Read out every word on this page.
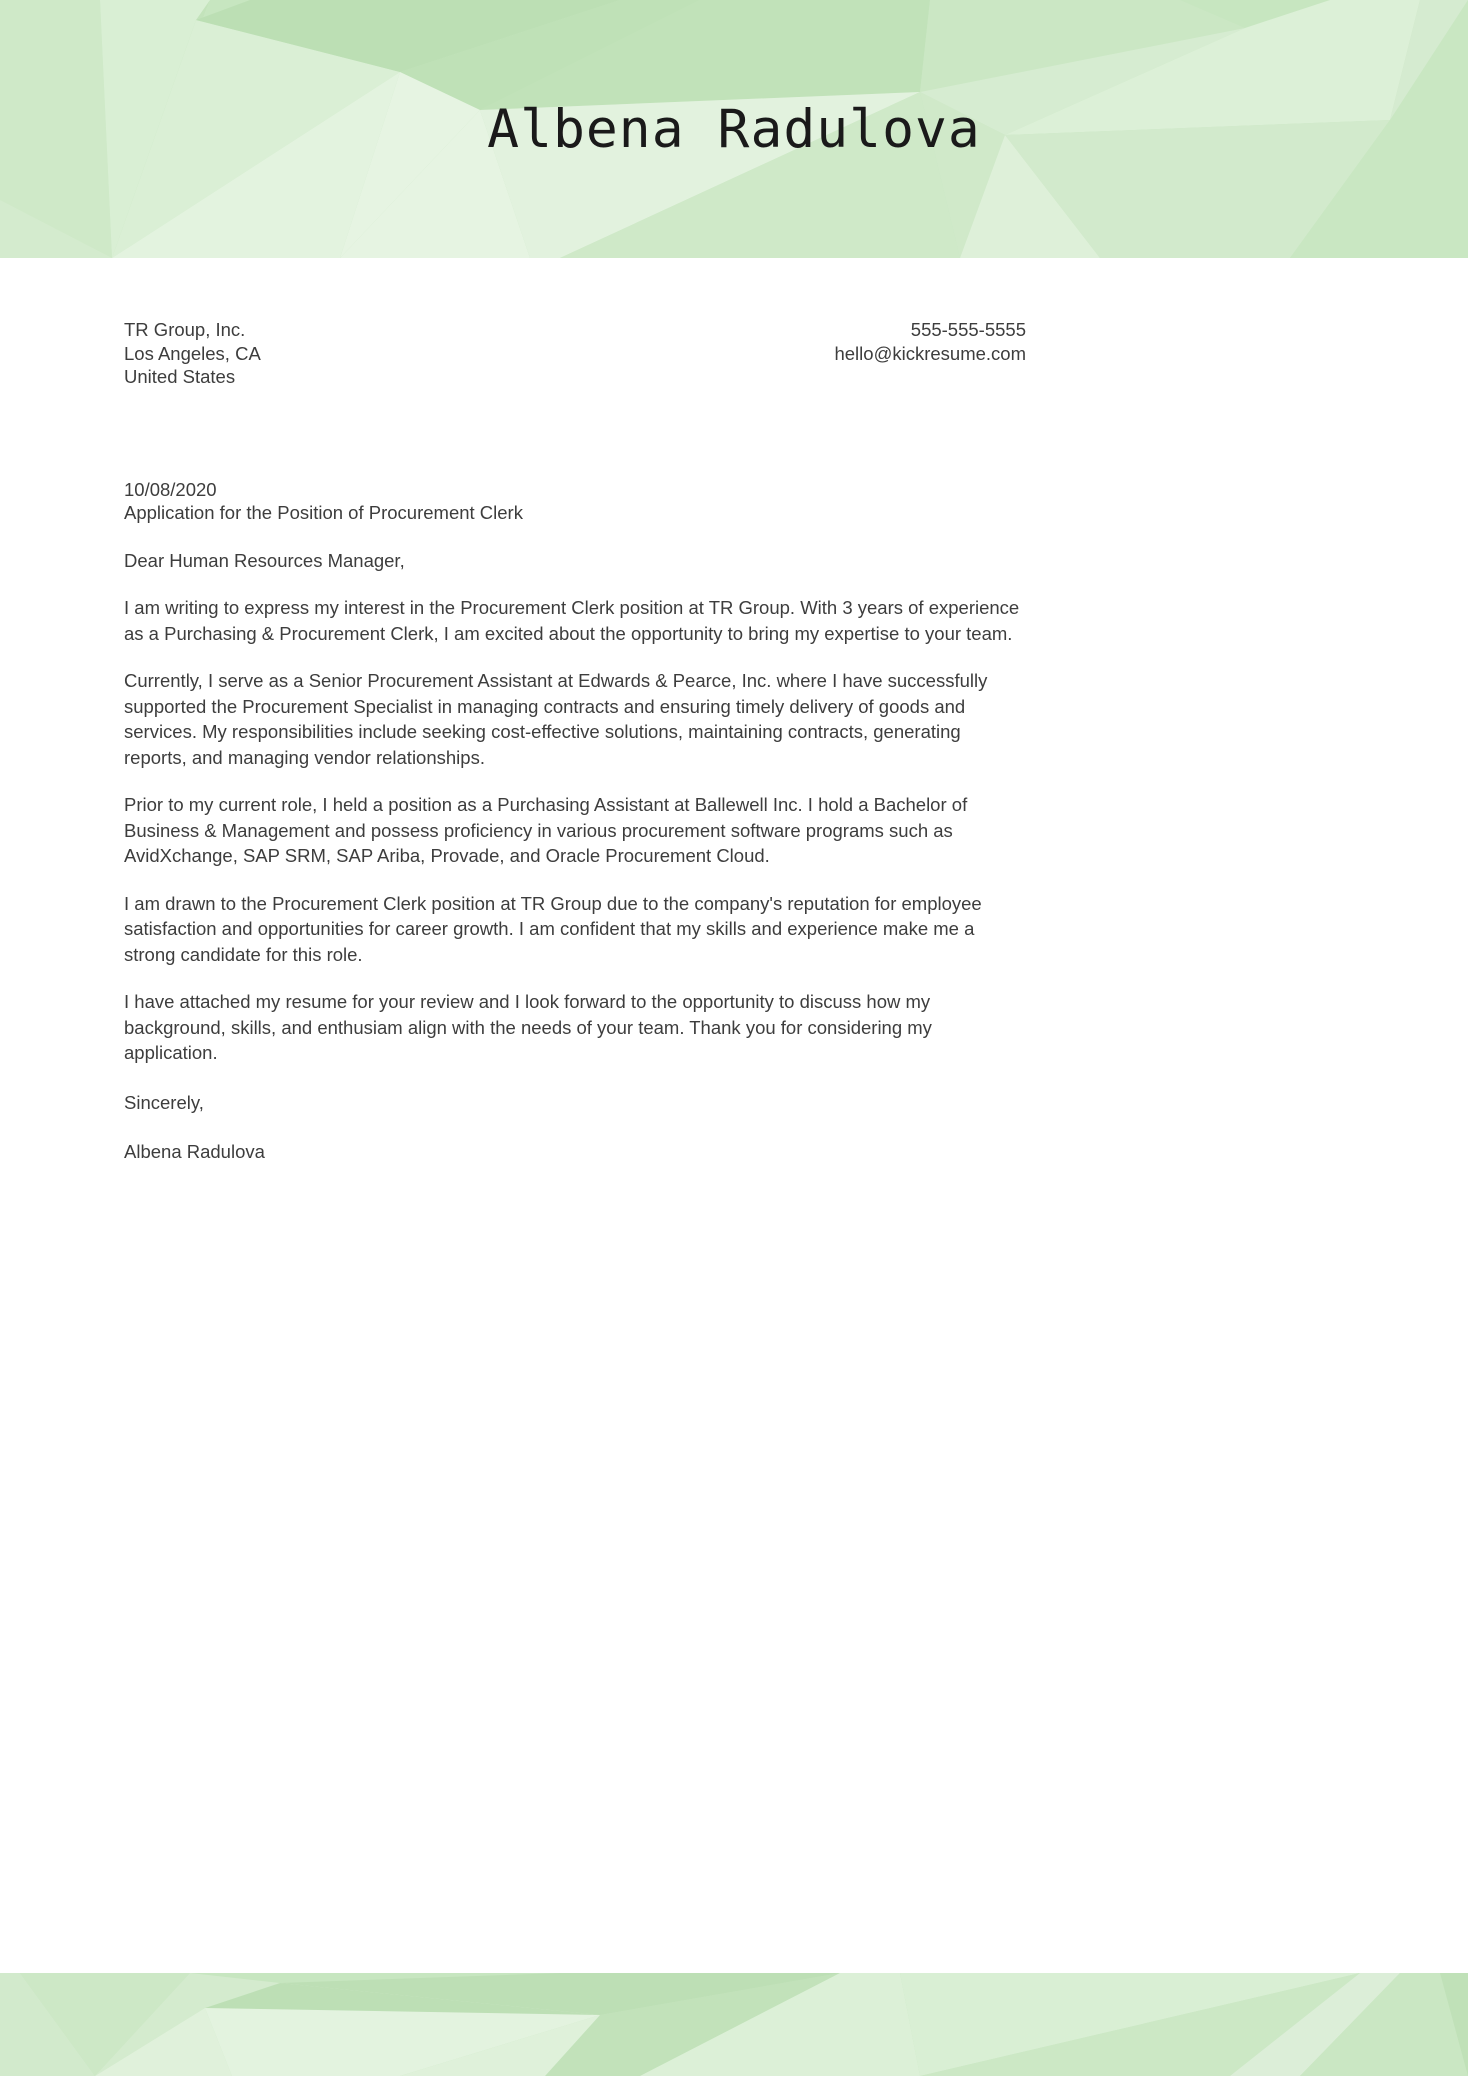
Albena Radulova
TR Group, Inc.
Los Angeles, CA
United States
555-555-5555
hello@kickresume.com
10/08/2020
Application for the Position of Procurement Clerk
Dear Human Resources Manager,
I am writing to express my interest in the Procurement Clerk position at TR Group. With 3 years of experience as a Purchasing & Procurement Clerk, I am excited about the opportunity to bring my expertise to your team.
Currently, I serve as a Senior Procurement Assistant at Edwards & Pearce, Inc. where I have successfully supported the Procurement Specialist in managing contracts and ensuring timely delivery of goods and services. My responsibilities include seeking cost-effective solutions, maintaining contracts, generating reports, and managing vendor relationships.
Prior to my current role, I held a position as a Purchasing Assistant at Ballewell Inc. I hold a Bachelor of Business & Management and possess proficiency in various procurement software programs such as AvidXchange, SAP SRM, SAP Ariba, Provade, and Oracle Procurement Cloud.
I am drawn to the Procurement Clerk position at TR Group due to the company's reputation for employee satisfaction and opportunities for career growth. I am confident that my skills and experience make me a strong candidate for this role.
I have attached my resume for your review and I look forward to the opportunity to discuss how my background, skills, and enthusiam align with the needs of your team. Thank you for considering my application.
Sincerely,
Albena Radulova
